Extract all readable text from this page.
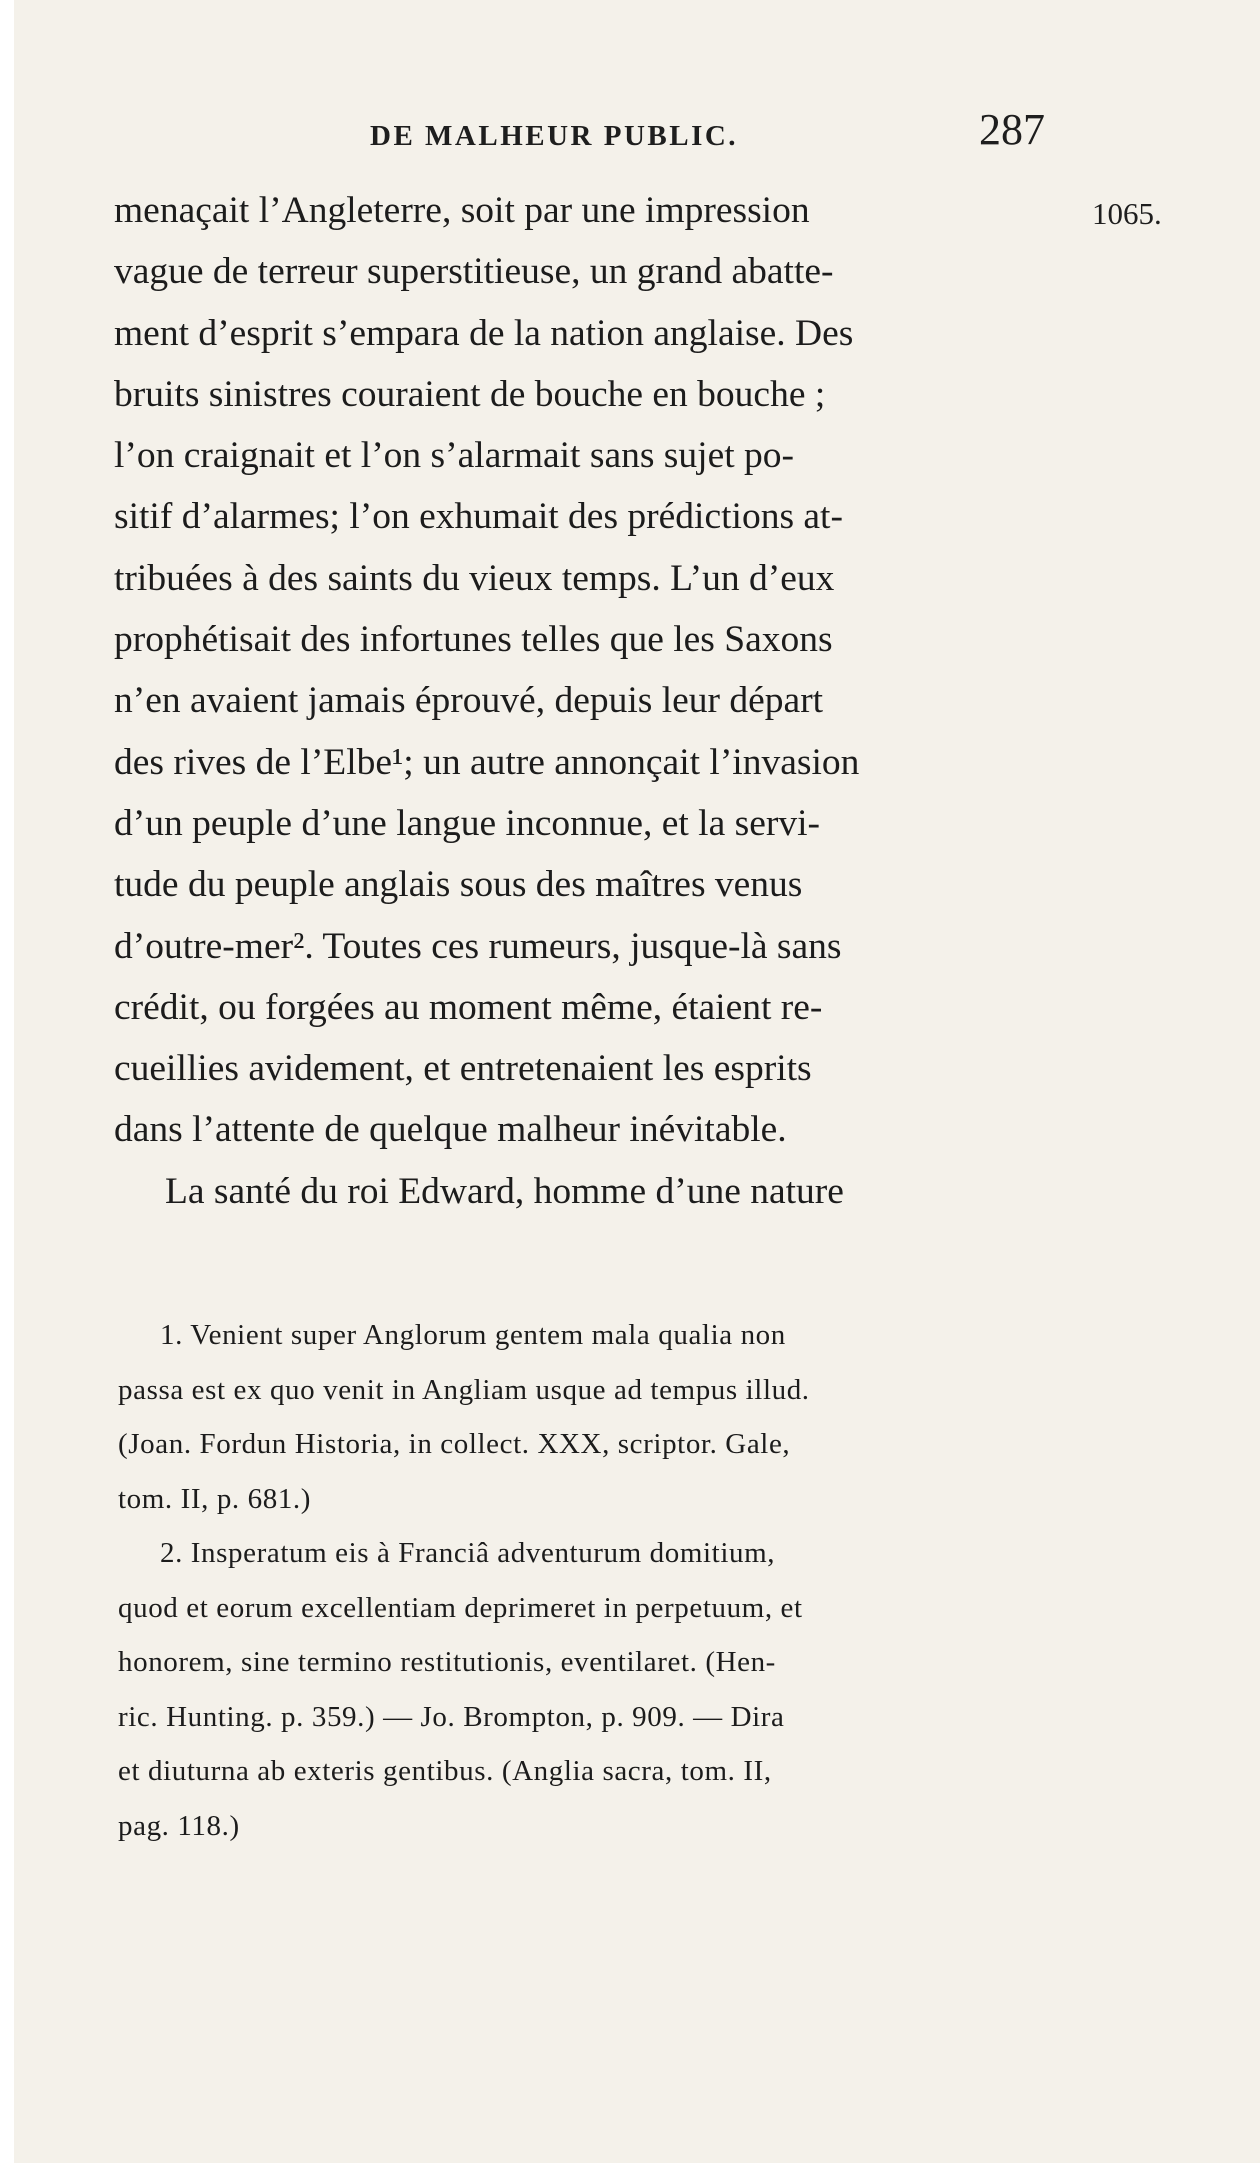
DE MALHEUR PUBLIC.	287
1065.
menaçait l’Angleterre, soit par une impression
vague de terreur superstitieuse, un grand abatte-
ment d’esprit s’empara de la nation anglaise. Des
bruits sinistres couraient de bouche en bouche ;
l’on craignait et l’on s’alarmait sans sujet po-
sitif d’alarmes; l’on exhumait des prédictions at-
tribuées à des saints du vieux temps. L’un d’eux
prophétisait des infortunes telles que les Saxons
n’en avaient jamais éprouvé, depuis leur départ
des rives de l’Elbe¹; un autre annonçait l’invasion
d’un peuple d’une langue inconnue, et la servi-
tude du peuple anglais sous des maîtres venus
d’outre-mer². Toutes ces rumeurs, jusque-là sans
crédit, ou forgées au moment même, étaient re-
cueillies avidement, et entretenaient les esprits
dans l’attente de quelque malheur inévitable.
La santé du roi Edward, homme d’une nature
1. Venient super Anglorum gentem mala qualia non
passa est ex quo venit in Angliam usque ad tempus illud.
(Joan. Fordun Historia, in collect. XXX, scriptor. Gale,
tom. II, p. 681.)
2. Insperatum eis à Franciâ adventurum domitium,
quod et eorum excellentiam deprimeret in perpetuum, et
honorem, sine termino restitutionis, eventilaret. (Hen-
ric. Hunting. p. 359.) — Jo. Brompton, p. 909. — Dira
et diuturna ab exteris gentibus. (Anglia sacra, tom. II,
pag. 118.)
